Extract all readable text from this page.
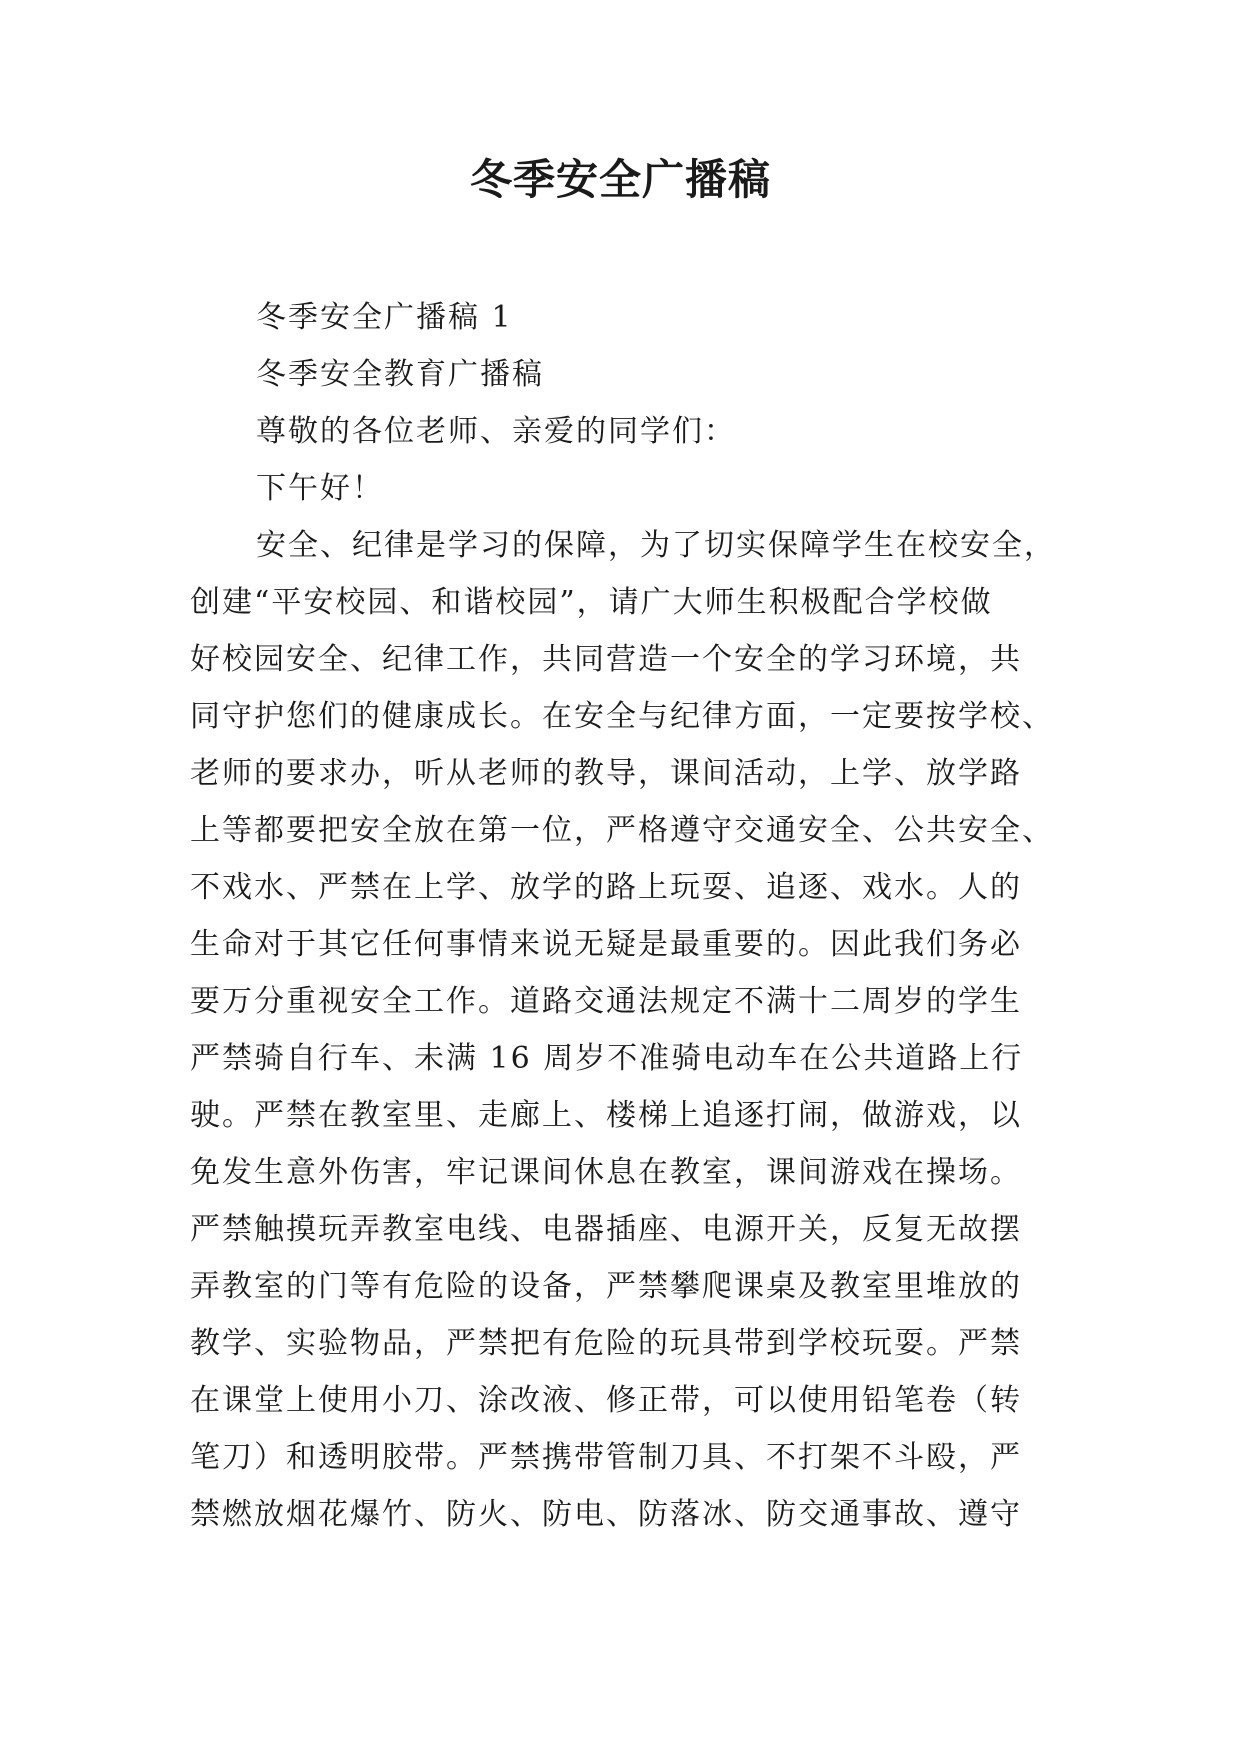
冬季安全广播稿
冬季安全广播稿 1
冬季安全教育广播稿
尊敬的各位老师、亲爱的同学们：
下午好！
安全、纪律是学习的保障，为了切实保障学生在校安全，
创建“平安校园、和谐校园”，请广大师生积极配合学校做
好校园安全、纪律工作，共同营造一个安全的学习环境，共
同守护您们的健康成长。在安全与纪律方面，一定要按学校、
老师的要求办，听从老师的教导，课间活动，上学、放学路
上等都要把安全放在第一位，严格遵守交通安全、公共安全、
不戏水、严禁在上学、放学的路上玩耍、追逐、戏水。人的
生命对于其它任何事情来说无疑是最重要的。因此我们务必
要万分重视安全工作。道路交通法规定不满十二周岁的学生
严禁骑自行车、未满 16 周岁不准骑电动车在公共道路上行
驶。严禁在教室里、走廊上、楼梯上追逐打闹，做游戏，以
免发生意外伤害，牢记课间休息在教室，课间游戏在操场。
严禁触摸玩弄教室电线、电器插座、电源开关，反复无故摆
弄教室的门等有危险的设备，严禁攀爬课桌及教室里堆放的
教学、实验物品，严禁把有危险的玩具带到学校玩耍。严禁
在课堂上使用小刀、涂改液、修正带，可以使用铅笔卷（转
笔刀）和透明胶带。严禁携带管制刀具、不打架不斗殴，严
禁燃放烟花爆竹、防火、防电、防落冰、防交通事故、遵守
